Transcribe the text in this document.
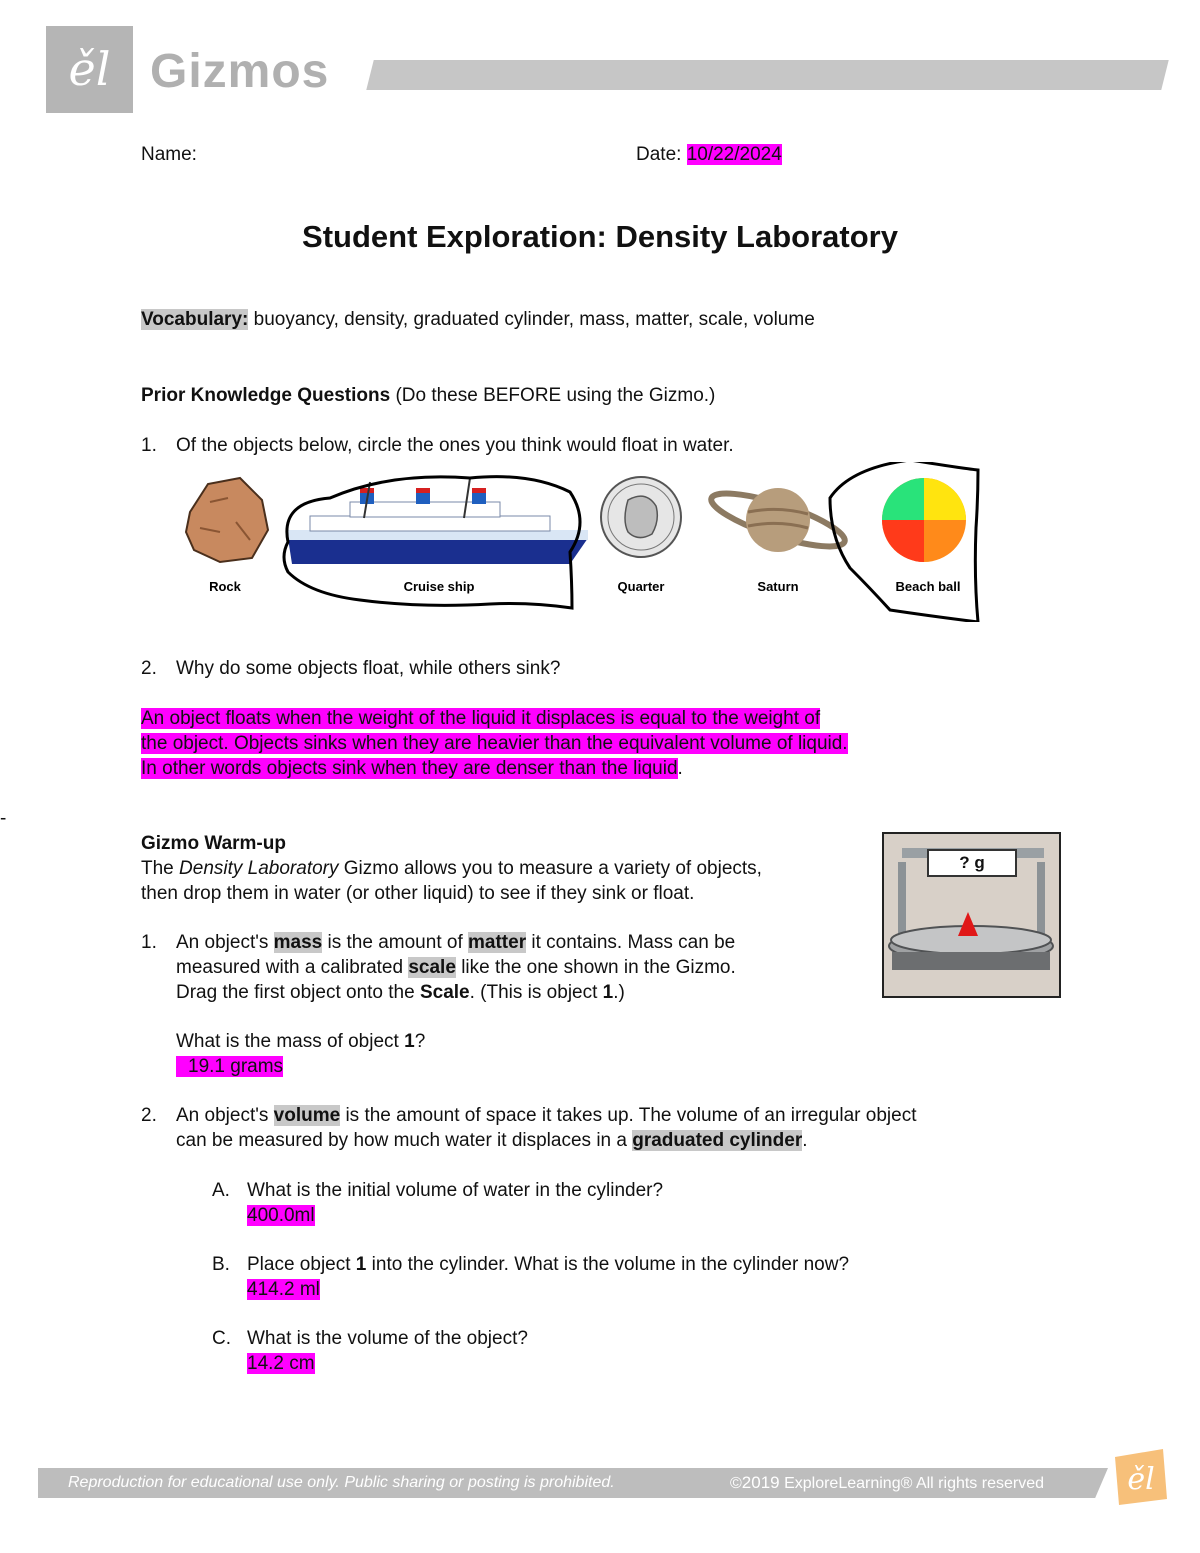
ěl Gizmos
Name:	Date: 10/22/2024
Student Exploration: Density Laboratory
Vocabulary: buoyancy, density, graduated cylinder, mass, matter, scale, volume
Prior Knowledge Questions (Do these BEFORE using the Gizmo.)
1. Of the objects below, circle the ones you think would float in water.
Rock	Cruise ship	Quarter	Saturn	Beach ball
2. Why do some objects float, while others sink?
An object floats when the weight of the liquid it displaces is equal to the weight of
the object. Objects sinks when they are heavier than the equivalent volume of liquid.
In other words objects sink when they are denser than the liquid.
-
Gizmo Warm-up
The Density Laboratory Gizmo allows you to measure a variety of objects,
then drop them in water (or other liquid) to see if they sink or float.
? g
1. An object's mass is the amount of matter it contains. Mass can be
measured with a calibrated scale like the one shown in the Gizmo.
Drag the first object onto the Scale. (This is object 1.)
What is the mass of object 1?
19.1 grams
2. An object's volume is the amount of space it takes up. The volume of an irregular object
can be measured by how much water it displaces in a graduated cylinder.
A. What is the initial volume of water in the cylinder?
400.0ml
B. Place object 1 into the cylinder. What is the volume in the cylinder now?
414.2 ml
C. What is the volume of the object?
14.2 cm
Reproduction for educational use only. Public sharing or posting is prohibited.	©2019 ExploreLearning® All rights reserved	ěl
